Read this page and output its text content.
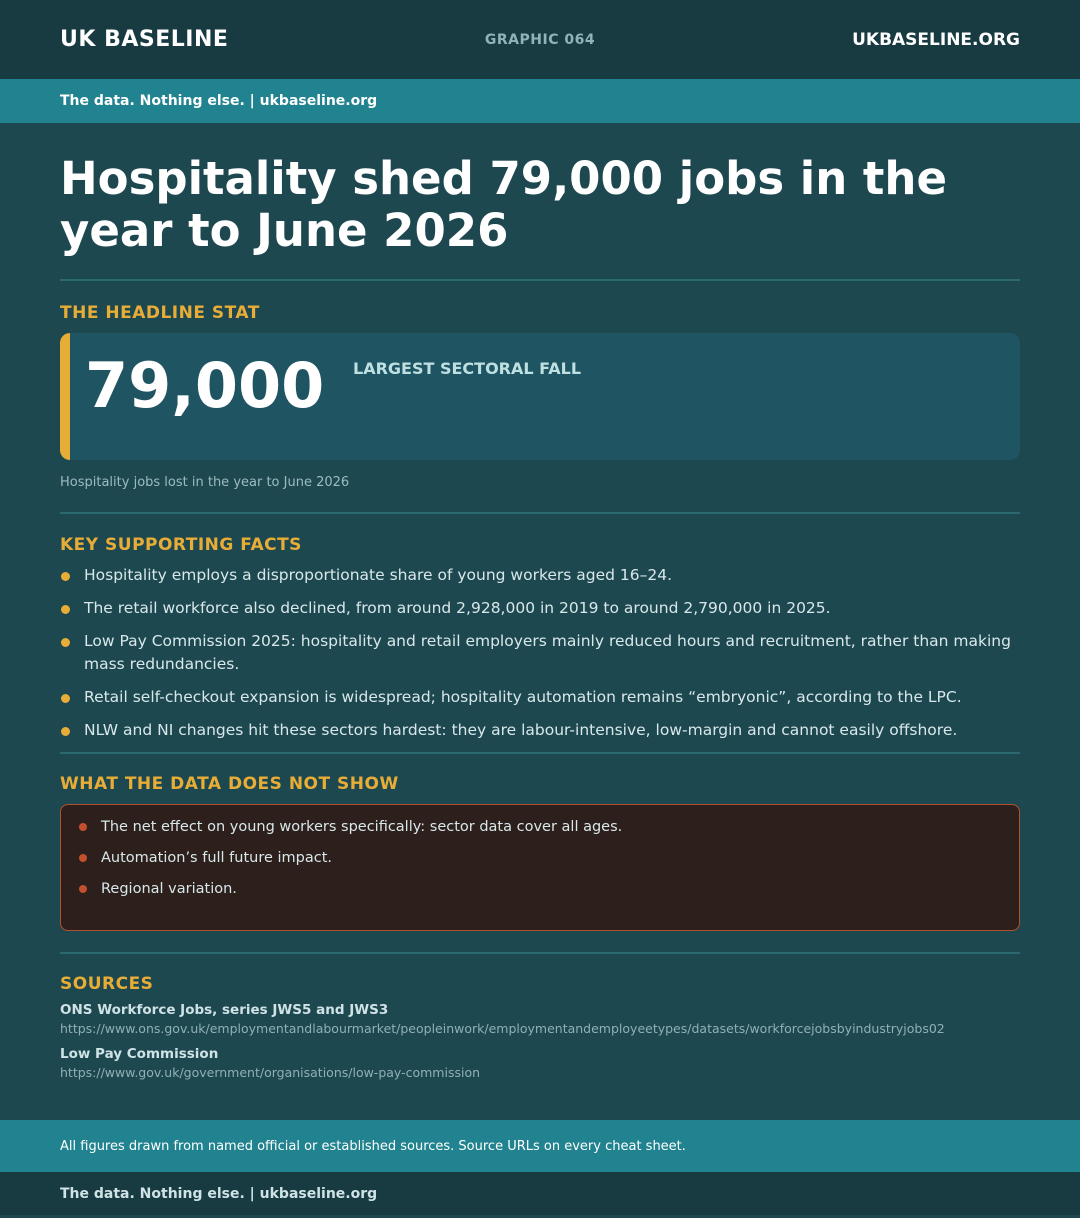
UK BASELINE	GRAPHIC 064	UKBASELINE.ORG
The data. Nothing else. | ukbaseline.org
Hospitality shed 79,000 jobs in the year to June 2026
THE HEADLINE STAT
79,000 LARGEST SECTORAL FALL
Hospitality jobs lost in the year to June 2026
KEY SUPPORTING FACTS
Hospitality employs a disproportionate share of young workers aged 16–24.
The retail workforce also declined, from around 2,928,000 in 2019 to around 2,790,000 in 2025.
Low Pay Commission 2025: hospitality and retail employers mainly reduced hours and recruitment, rather than making mass redundancies.
Retail self-checkout expansion is widespread; hospitality automation remains “embryonic”, according to the LPC.
NLW and NI changes hit these sectors hardest: they are labour-intensive, low-margin and cannot easily offshore.
WHAT THE DATA DOES NOT SHOW
The net effect on young workers specifically: sector data cover all ages.
Automation’s full future impact.
Regional variation.
SOURCES
ONS Workforce Jobs, series JWS5 and JWS3
https://www.ons.gov.uk/employmentandlabourmarket/peopleinwork/employmentandemployeetypes/datasets/workforcejobsbyindustryjobs02
Low Pay Commission
https://www.gov.uk/government/organisations/low-pay-commission
All figures drawn from named official or established sources. Source URLs on every cheat sheet.
The data. Nothing else. | ukbaseline.org
